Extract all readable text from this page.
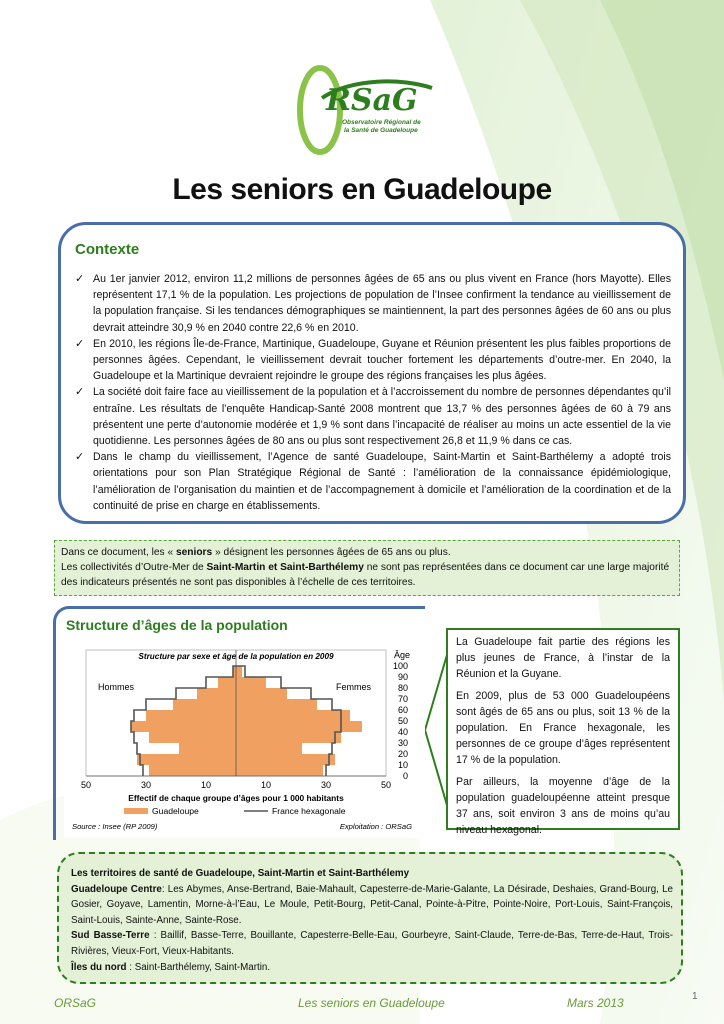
RSaG
Observatoire Régional de
la Santé de Guadeloupe
Les seniors en Guadeloupe
Contexte
✓ Au 1er janvier 2012, environ 11,2 millions de personnes âgées de 65 ans ou plus vivent en France (hors Mayotte). Elles représentent 17,1 % de la population. Les projections de population de l’Insee confirment la tendance au vieillissement de la population française. Si les tendances démographiques se maintiennent, la part des personnes âgées de 60 ans ou plus devrait atteindre 30,9 % en 2040 contre 22,6 % en 2010.
✓ En 2010, les régions Île-de-France, Martinique, Guadeloupe, Guyane et Réunion présentent les plus faibles proportions de personnes âgées. Cependant, le vieillissement devrait toucher fortement les départements d’outre-mer. En 2040, la Guadeloupe et la Martinique devraient rejoindre le groupe des régions françaises les plus âgées.
✓ La société doit faire face au vieillissement de la population et à l’accroissement du nombre de personnes dépendantes qu’il entraîne. Les résultats de l’enquête Handicap-Santé 2008 montrent que 13,7 % des personnes âgées de 60 à 79 ans présentent une perte d’autonomie modérée et 1,9 % sont dans l’incapacité de réaliser au moins un acte essentiel de la vie quotidienne. Les personnes âgées de 80 ans ou plus sont respectivement 26,8 et 11,9 % dans ce cas.
✓ Dans le champ du vieillissement, l’Agence de santé Guadeloupe, Saint-Martin et Saint-Barthélemy a adopté trois orientations pour son Plan Stratégique Régional de Santé : l’amélioration de la connaissance épidémiologique, l’amélioration de l’organisation du maintien et de l’accompagnement à domicile et l’amélioration de la coordination et de la continuité de prise en charge en établissements.
Dans ce document, les « seniors » désignent les personnes âgées de 65 ans ou plus.
Les collectivités d’Outre-Mer de Saint-Martin et Saint-Barthélemy ne sont pas représentées dans ce document car une large majorité des indicateurs présentés ne sont pas disponibles à l’échelle de ces territoires.
Structure d’âges de la population
Structure par sexe et âge de la population en 2009
Hommes	Femmes
50	30	10	10	30	50
Âge
100
90
80
70
60
50
40
30
20
10
0
Effectif de chaque groupe d’âges pour 1 000 habitants
Guadeloupe	France hexagonale
Source : Insee (RP 2009)	Exploitation : ORSaG

La Guadeloupe fait partie des régions les plus jeunes de France, à l’instar de la Réunion et la Guyane.

En 2009, plus de 53 000 Guadeloupéens sont âgés de 65 ans ou plus, soit 13 % de la population. En France hexagonale, les personnes de ce groupe d’âges représentent 17 % de la population.

Par ailleurs, la moyenne d’âge de la population guadeloupéenne atteint presque 37 ans, soit environ 3 ans de moins qu’au niveau hexagonal.

Les territoires de santé de Guadeloupe, Saint-Martin et Saint-Barthélemy

Guadeloupe Centre: Les Abymes, Anse-Bertrand, Baie-Mahault, Capesterre-de-Marie-Galante, La Désirade, Deshaies, Grand-Bourg, Le Gosier, Goyave, Lamentin, Morne-à-l’Eau, Le Moule, Petit-Bourg, Petit-Canal, Pointe-à-Pitre, Pointe-Noire, Port-Louis, Saint-François, Saint-Louis, Sainte-Anne, Sainte-Rose.

Sud Basse-Terre : Baillif, Basse-Terre, Bouillante, Capesterre-Belle-Eau, Gourbeyre, Saint-Claude, Terre-de-Bas, Terre-de-Haut, Trois-Rivières, Vieux-Fort, Vieux-Habitants.

Îles du nord : Saint-Barthélemy, Saint-Martin.

ORSaG	Les seniors en Guadeloupe	Mars 2013	1
